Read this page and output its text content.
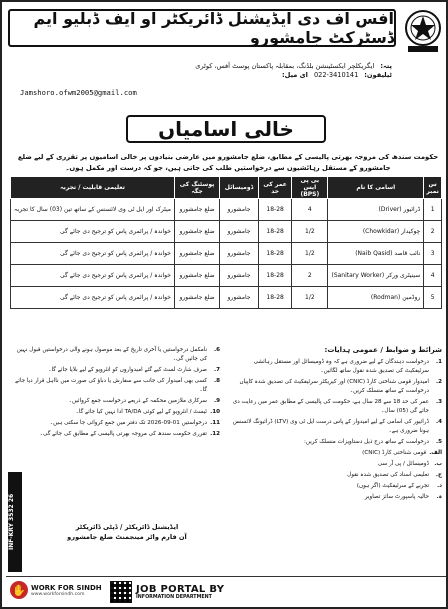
آفس آف دی ایڈیشنل ڈائریکٹر او ایف ڈبلیو ایم ڈسٹرکٹ جامشورو
پتہ:
ایگریکلچر ایکسٹینشن بلڈنگ، بمقابلہ پاکستان پوسٹ آفس، کوٹری
ٹیلیفون:
022-3410141
ای میل:
Jamshoro.ofwm2005@gmail.com
خالی اسامیاں
حکومت سندھ کی مروجہ بھرتی پالیسی کے مطابق، ضلع جامشورو میں عارضی بنیادوں پر خالی اسامیوں پر تقرری کے لیے ضلع جامشورو کے مستقل رہائشیوں سے درخواستیں طلب کی جاتی ہیں، جو کہ درست اور مکمل ہوں۔
س نمبر	اسامی کا نام	بی پی ایس (BPS)	عمر کی حد	ڈومیسائل	پوسٹنگ کی جگہ	تعلیمی قابلیت / تجربہ
1	ڈرائیور (Driver)	4	18-28	جامشورو	ضلع جامشورو	میٹرک اور ایل ٹی وی لائسنس کے ساتھ تین (03) سال کا تجربہ
2	چوکیدار (Chowkidar)	1/2	18-28	جامشورو	ضلع جامشورو	خواندہ / پرائمری پاس کو ترجیح دی جائے گی
3	نائب قاصد (Naib Qasid)	1/2	18-28	جامشورو	ضلع جامشورو	خواندہ / پرائمری پاس کو ترجیح دی جائے گی
4	سینیٹری ورکر (Sanitary Worker)	2	18-28	جامشورو	ضلع جامشورو	خواندہ / پرائمری پاس کو ترجیح دی جائے گی
5	روڈمین (Rodman)	1/2	18-28	جامشورو	ضلع جامشورو	خواندہ / پرائمری پاس کو ترجیح دی جائے گی
شرائط و ضوابط / عمومی ہدایات:
1.
درخواست دہندگان کے لیے ضروری ہے کہ وہ ڈومیسائل اور مستقل رہائشی سرٹیفکیٹ کی تصدیق شدہ نقول ساتھ لگائیں۔
2.
امیدوار قومی شناختی کارڈ (CNIC) اور کیریکٹر سرٹیفکیٹ کی تصدیق شدہ کاپیاں درخواست کے ساتھ منسلک کریں۔
3.
عمر کی حد 18 سے 28 سال ہے، حکومت کی پالیسی کے مطابق عمر میں رعایت دی جائے گی (05) سال۔
4.
ڈرائیور کی اسامی کے لیے امیدوار کے پاس درست ایل ٹی وی (LTV) ڈرائیونگ لائسنس ہونا ضروری ہے۔
5.
درخواست کے ساتھ درج ذیل دستاویزات منسلک کریں:
الف.
قومی شناختی کارڈ (CNIC)
ب.
ڈومیسائل / پی آر سی
ج.
تعلیمی اسناد کی تصدیق شدہ نقول
د.
تجربے کے سرٹیفکیٹ (اگر ہوں)
ہ.
حالیہ پاسپورٹ سائز تصاویر
6.
نامکمل درخواستیں یا آخری تاریخ کے بعد موصول ہونے والی درخواستیں قبول نہیں کی جائیں گی۔
7.
صرف شارٹ لسٹ کیے گئے امیدواروں کو انٹرویو کے لیے بلایا جائے گا۔
8.
کسی بھی امیدوار کی جانب سے سفارش یا دباؤ کی صورت میں نااہل قرار دیا جائے گا۔
9.
سرکاری ملازمین محکمہ کے ذریعے درخواست جمع کروائیں۔
10.
ٹیسٹ / انٹرویو کے لیے کوئی TA/DA ادا نہیں کیا جائے گا۔
11.
درخواستیں 01-09-2026 تک دفتر میں جمع کروائی جا سکتی ہیں۔
12.
تقرری حکومت سندھ کی مروجہ بھرتی پالیسی کے مطابق کی جائے گی۔
INF-KRY 3532 26	ایڈیشنل ڈائریکٹر / ڈپٹی ڈائریکٹر
آن فارم واٹر مینجمنٹ ضلع جامشورو
✋ WORK FOR SINDH
www.workforsindh.com	JOB PORTAL BY
INFORMATION DEPARTMENT
